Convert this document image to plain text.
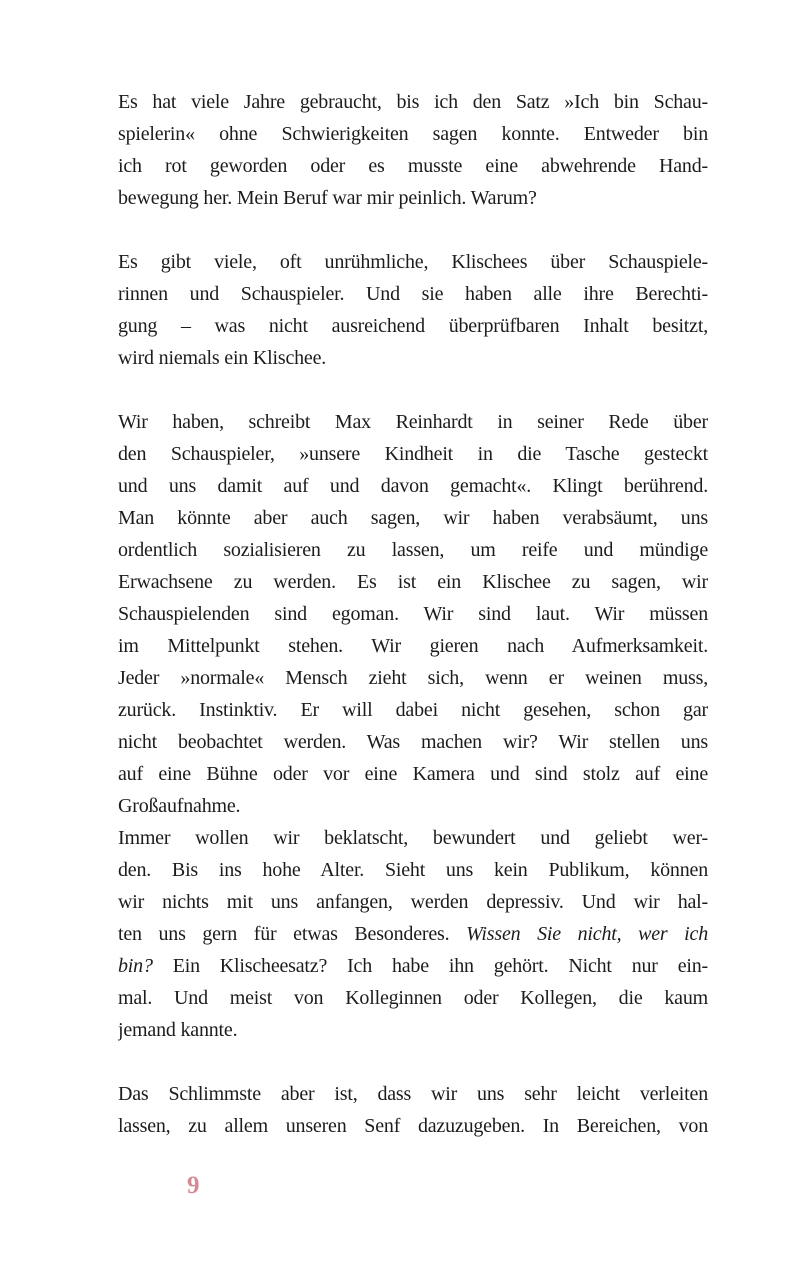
Es hat viele Jahre gebraucht, bis ich den Satz »Ich bin Schau-
spielerin« ohne Schwierigkeiten sagen konnte. Entweder bin
ich rot geworden oder es musste eine abwehrende Hand-
bewegung her. Mein Beruf war mir peinlich. Warum?
Es gibt viele, oft unrühmliche, Klischees über Schauspiele-
rinnen und Schauspieler. Und sie haben alle ihre Berechti-
gung – was nicht ausreichend überprüfbaren Inhalt besitzt,
wird niemals ein Klischee.
Wir haben, schreibt Max Reinhardt in seiner Rede über
den Schauspieler, »unsere Kindheit in die Tasche gesteckt
und uns damit auf und davon gemacht«. Klingt berührend.
Man könnte aber auch sagen, wir haben verabsäumt, uns
ordentlich sozialisieren zu lassen, um reife und mündige
Erwachsene zu werden. Es ist ein Klischee zu sagen, wir
Schauspielenden sind egoman. Wir sind laut. Wir müssen
im Mittelpunkt stehen. Wir gieren nach Aufmerksamkeit.
Jeder »normale« Mensch zieht sich, wenn er weinen muss,
zurück. Instinktiv. Er will dabei nicht gesehen, schon gar
nicht beobachtet werden. Was machen wir? Wir stellen uns
auf eine Bühne oder vor eine Kamera und sind stolz auf eine
Großaufnahme.
Immer wollen wir beklatscht, bewundert und geliebt wer-
den. Bis ins hohe Alter. Sieht uns kein Publikum, können
wir nichts mit uns anfangen, werden depressiv. Und wir hal-
ten uns gern für etwas Besonderes. Wissen Sie nicht, wer ich
bin? Ein Klischeesatz? Ich habe ihn gehört. Nicht nur ein-
mal. Und meist von Kolleginnen oder Kollegen, die kaum
jemand kannte.
Das Schlimmste aber ist, dass wir uns sehr leicht verleiten
lassen, zu allem unseren Senf dazuzugeben. In Bereichen, von
9
